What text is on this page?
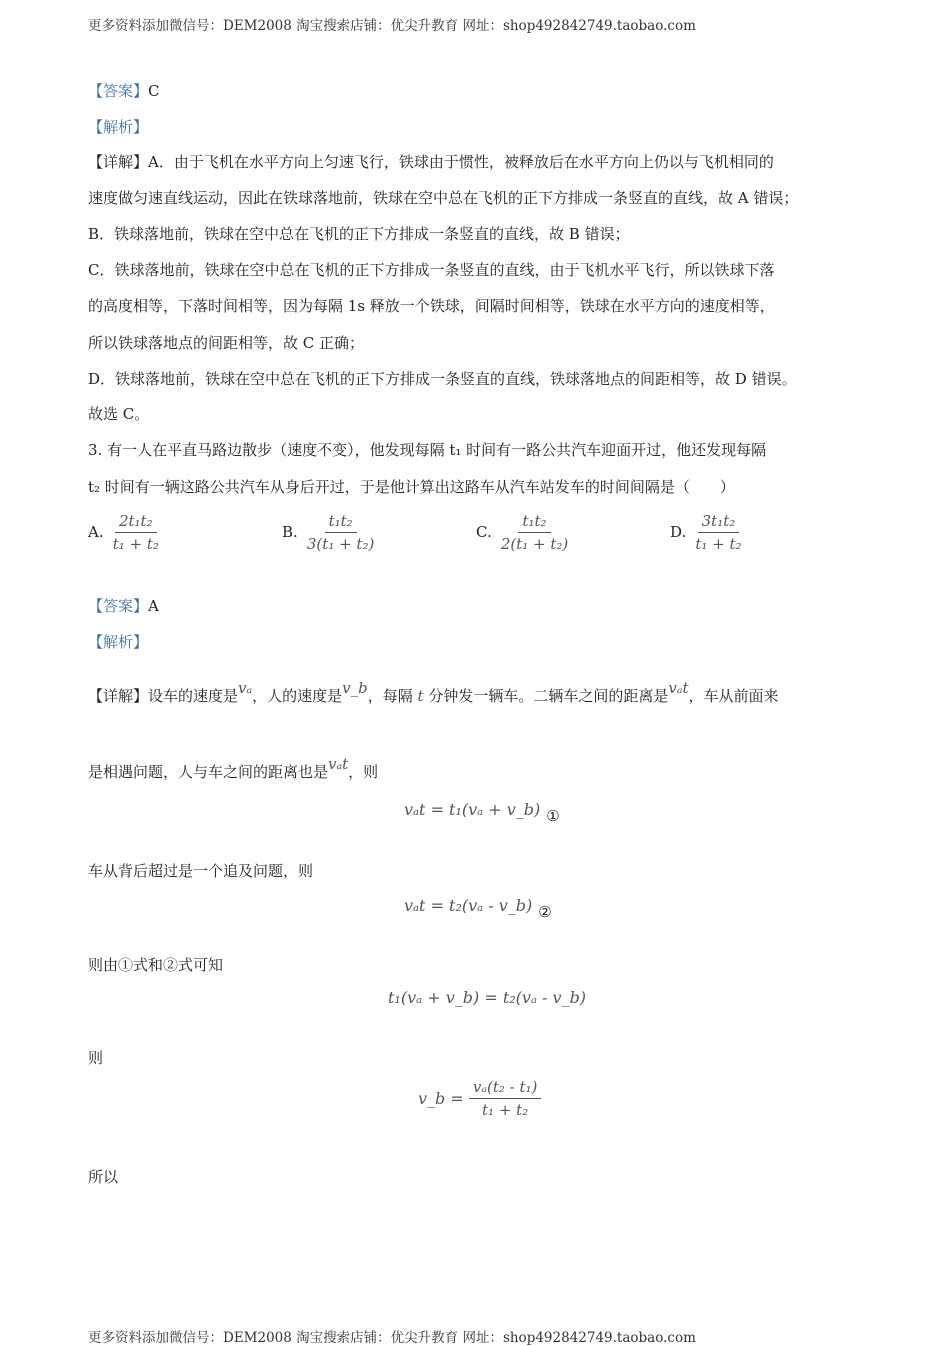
更多资料添加微信号：DEM2008 淘宝搜索店铺：优尖升教育 网址：shop492842749.taobao.com
【答案】C
【解析】
【详解】A．由于飞机在水平方向上匀速飞行，铁球由于惯性，被释放后在水平方向上仍以与飞机相同的
速度做匀速直线运动，因此在铁球落地前，铁球在空中总在飞机的正下方排成一条竖直的直线，故 A 错误；
B．铁球落地前，铁球在空中总在飞机的正下方排成一条竖直的直线，故 B 错误；
C．铁球落地前，铁球在空中总在飞机的正下方排成一条竖直的直线，由于飞机水平飞行，所以铁球下落
的高度相等，下落时间相等，因为每隔 1s 释放一个铁球，间隔时间相等，铁球在水平方向的速度相等，
所以铁球落地点的间距相等，故 C 正确；
D．铁球落地前，铁球在空中总在飞机的正下方排成一条竖直的直线，铁球落地点的间距相等，故 D 错误。
故选 C。
3. 有一人在平直马路边散步（速度不变），他发现每隔 t₁ 时间有一路公共汽车迎面开过，他还发现每隔
t₂ 时间有一辆这路公共汽车从身后开过，于是他计算出这路车从汽车站发车的时间间隔是（　　）
A. $\frac{\text{2t₁t₂}}{\text{t₁ + t₂}}$	B. $\frac{\text{t₁t₂}}{\text{3(t₁ + t₂)}}$	C. $\frac{\text{t₁t₂}}{\text{2(t₁ + t₂)}}$	D. $\frac{\text{3t₁t₂}}{\text{t₁ + t₂}}$
【答案】A
【解析】
【详解】设车的速度是vₐ，人的速度是v_b，每隔 t 分钟发一辆车。二辆车之间的距离是vₐt，车从前面来
是相遇问题，人与车之间的距离也是vₐt，则
vₐt = t₁(vₐ + v_b) ①
车从背后超过是一个追及问题，则
vₐt = t₂(vₐ - v_b) ②
则由①式和②式可知
t₁(vₐ + v_b) = t₂(vₐ - v_b)
则
v_b = $\frac{\text{vₐ(t₂ - t₁)}}{\text{t₁ + t₂}}$
所以
更多资料添加微信号：DEM2008 淘宝搜索店铺：优尖升教育 网址：shop492842749.taobao.com
